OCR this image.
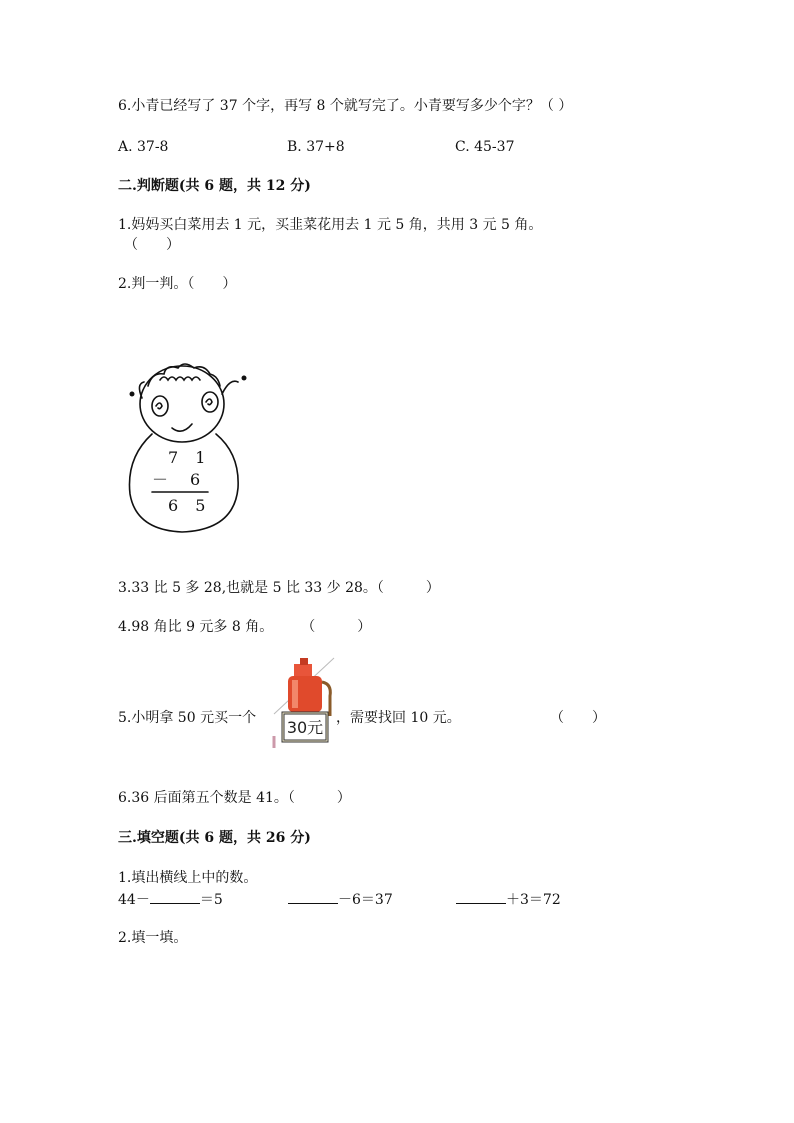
6.小青已经写了 37 个字，再写 8 个就写完了。小青要写多少个字？（ ）
A. 37-8	B. 37+8	C. 45-37
二.判断题(共 6 题，共 12 分)
1.妈妈买白菜用去 1 元，买韭菜花用去 1 元 5 角，共用 3 元 5 角。
（　　）
2.判一判。（　　）
7 1
－ 6
6 5
3.33 比 5 多 28,也就是 5 比 33 少 28。（　　　）
4.98 角比 9 元多 8 角。　　　（　　　）
5.小明拿 50 元买一个 30元 ，需要找回 10 元。	（　　）
6.36 后面第五个数是 41。（　　　）
三.填空题(共 6 题，共 26 分)
1.填出横线上中的数。
44－	＝5	－6＝37	＋3＝72
2.填一填。
